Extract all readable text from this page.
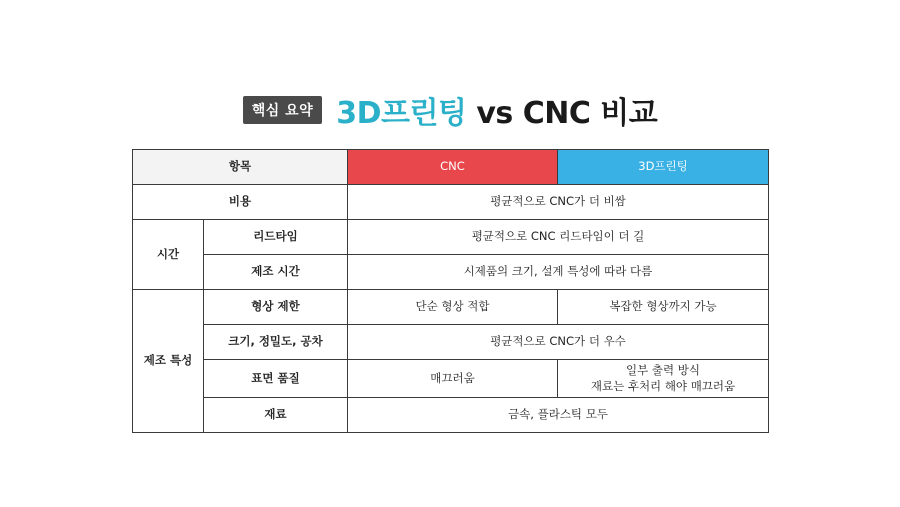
핵심 요약 3D프린팅 vs CNC 비교
항목		CNC	3D프린팅
비용		평균적으로 CNC가 더 비쌈	
시간	리드타임	평균적으로 CNC 리드타임이 더 길	
	제조 시간	시제품의 크기, 설계 특성에 따라 다름	
제조 특성	형상 제한	단순 형상 적합	복잡한 형상까지 가능
	크기, 정밀도, 공차	평균적으로 CNC가 더 우수	
	표면 품질	매끄러움	일부 출력 방식
재료는 후처리 해야 매끄러움

	재료	금속, 플라스틱 모두	
